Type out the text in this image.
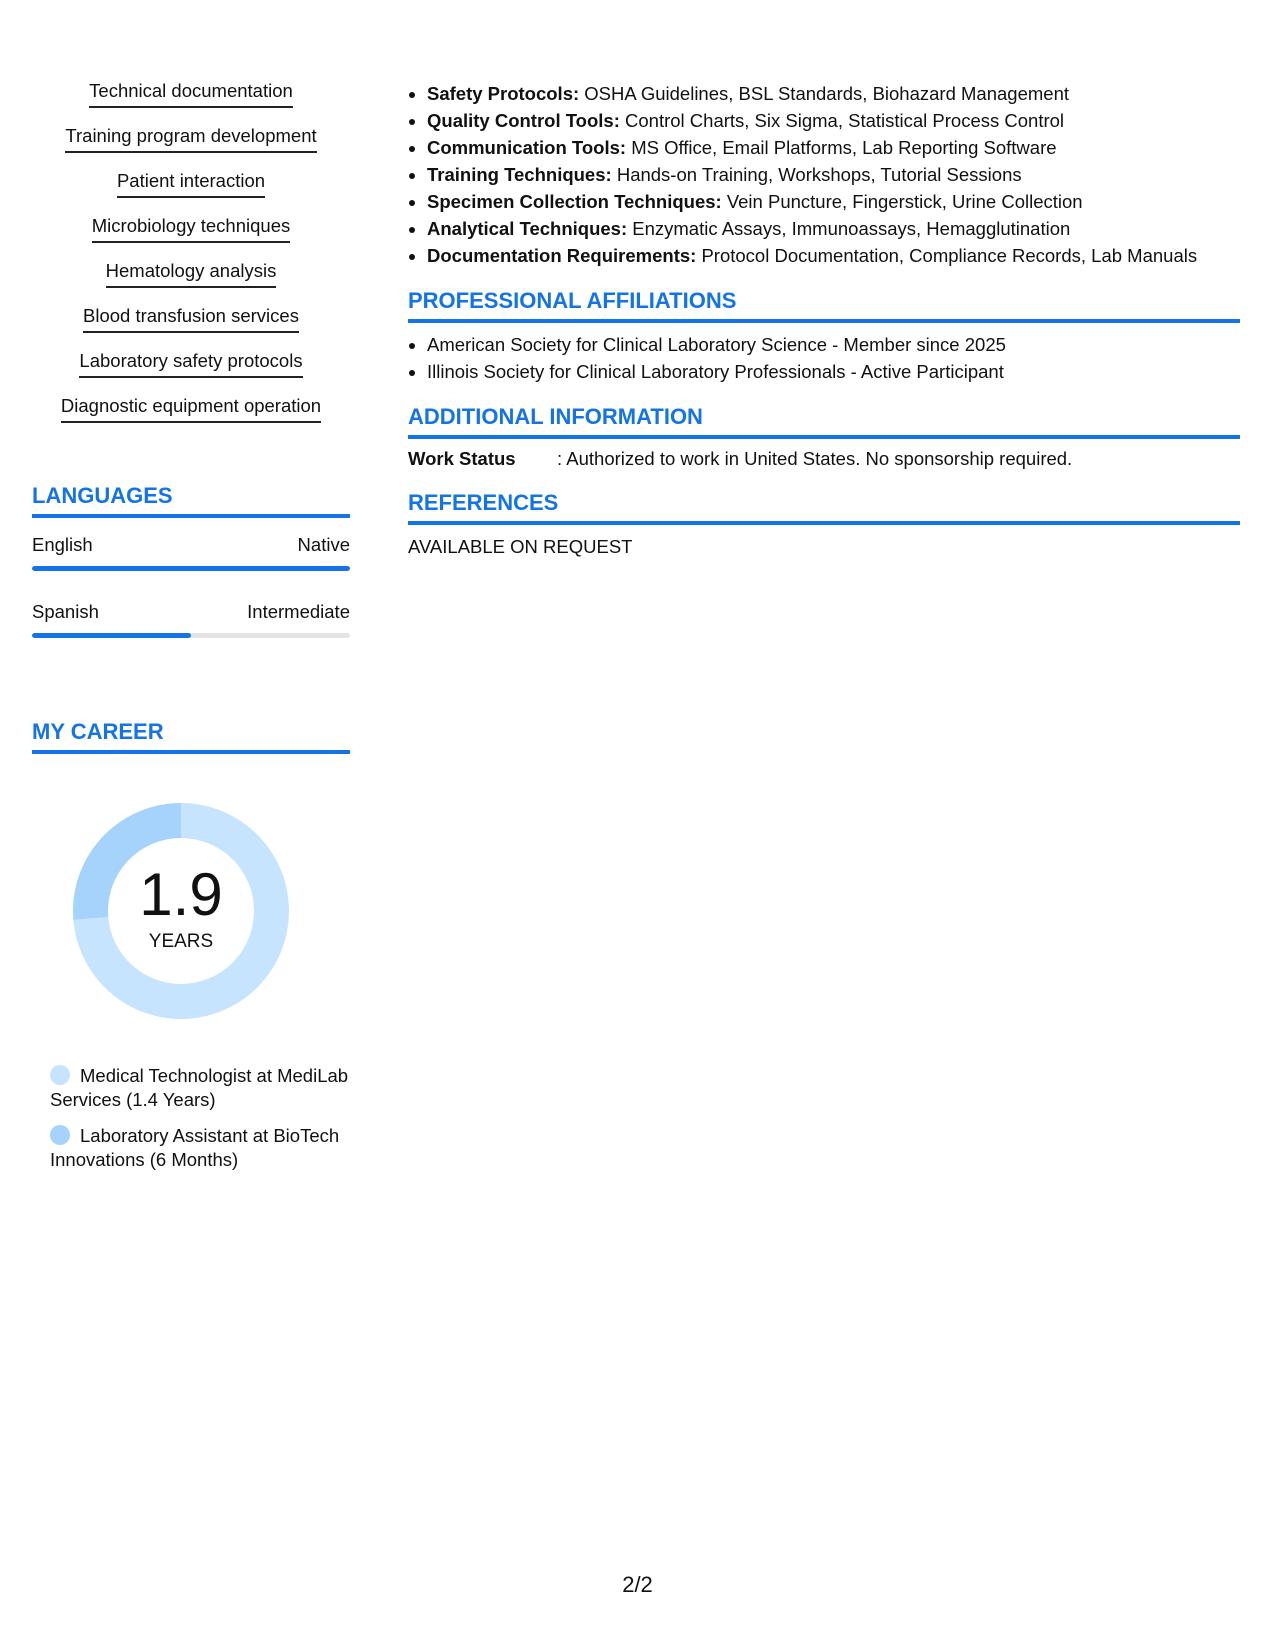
Technical documentation
Training program development
Patient interaction
Microbiology techniques
Hematology analysis
Blood transfusion services
Laboratory safety protocols
Diagnostic equipment operation
LANGUAGES
English	Native
Spanish	Intermediate
MY CAREER
1.9
YEARS
Medical Technologist at MediLab Services (1.4 Years)
Laboratory Assistant at BioTech Innovations (6 Months)
• Safety Protocols: OSHA Guidelines, BSL Standards, Biohazard Management
• Quality Control Tools: Control Charts, Six Sigma, Statistical Process Control
• Communication Tools: MS Office, Email Platforms, Lab Reporting Software
• Training Techniques: Hands-on Training, Workshops, Tutorial Sessions
• Specimen Collection Techniques: Vein Puncture, Fingerstick, Urine Collection
• Analytical Techniques: Enzymatic Assays, Immunoassays, Hemagglutination
• Documentation Requirements: Protocol Documentation, Compliance Records, Lab Manuals
PROFESSIONAL AFFILIATIONS
• American Society for Clinical Laboratory Science - Member since 2025
• Illinois Society for Clinical Laboratory Professionals - Active Participant
ADDITIONAL INFORMATION
Work Status	: Authorized to work in United States. No sponsorship required.
REFERENCES
AVAILABLE ON REQUEST
2/2
